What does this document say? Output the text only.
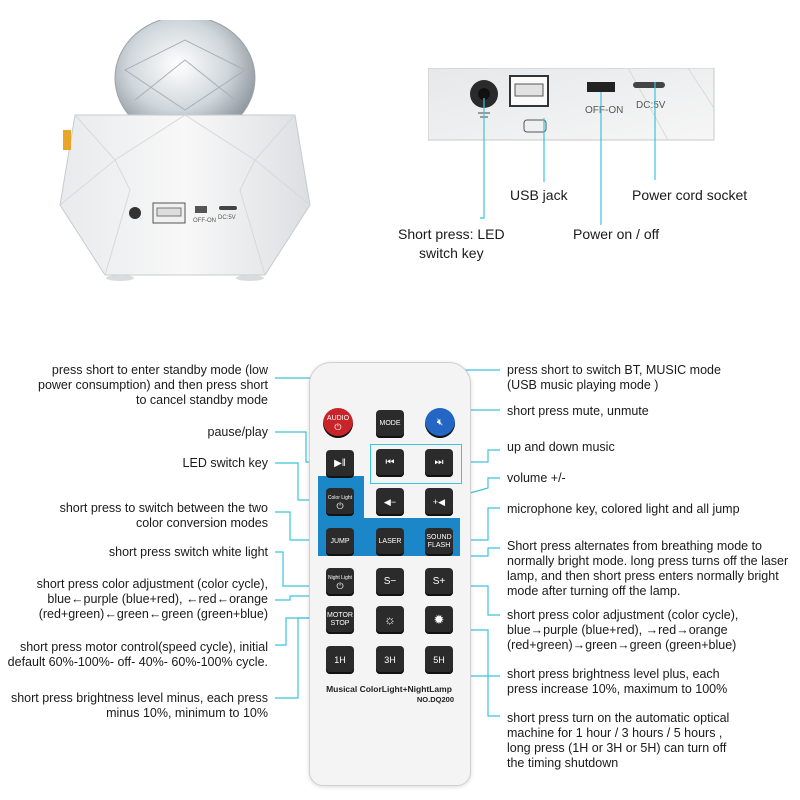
OFF-ON DC:5V
OFF-ON DC:5V
USB jack	Power cord socket
Short press: LED
switch key
Power on / off
AUDIO
⏻	MODE	🔇︎
▶‖	⏮	⏭
Color Light
⏻	◀−	+◀
JUMP	LASER
SOUND
FLASH
Night Light
⏻	S−	S+
MOTOR
STOP	☼	✹
1H	3H	5H
Musical ColorLight+NightLamp
NO.DQ200
press short to enter standby mode (low
power consumption) and then press short
to cancel standby mode
pause/play
LED switch key
short press to switch between the two
color conversion modes
short press switch white light
short press color adjustment (color cycle),
blue←purple (blue+red), ←red←orange
(red+green)←green←green (green+blue)
short press motor control(speed cycle), initial
default 60%-100%- off- 40%- 60%-100% cycle.
short press brightness level minus, each press
minus 10%, minimum to 10%
press short to switch BT, MUSIC mode
(USB music playing mode )
short press mute, unmute
up and down music
volume +/-
microphone key, colored light and all jump
Short press alternates from breathing mode to
normally bright mode. long press turns off the laser
lamp, and then short press enters normally bright
mode after turning off the lamp.
short press color adjustment (color cycle),
blue→purple (blue+red), →red→orange
(red+green)→green→green (green+blue)
short press brightness level plus, each
press increase 10%, maximum to 100%
short press turn on the automatic optical
machine for 1 hour / 3 hours / 5 hours ,
long press (1H or 3H or 5H) can turn off
the timing shutdown
